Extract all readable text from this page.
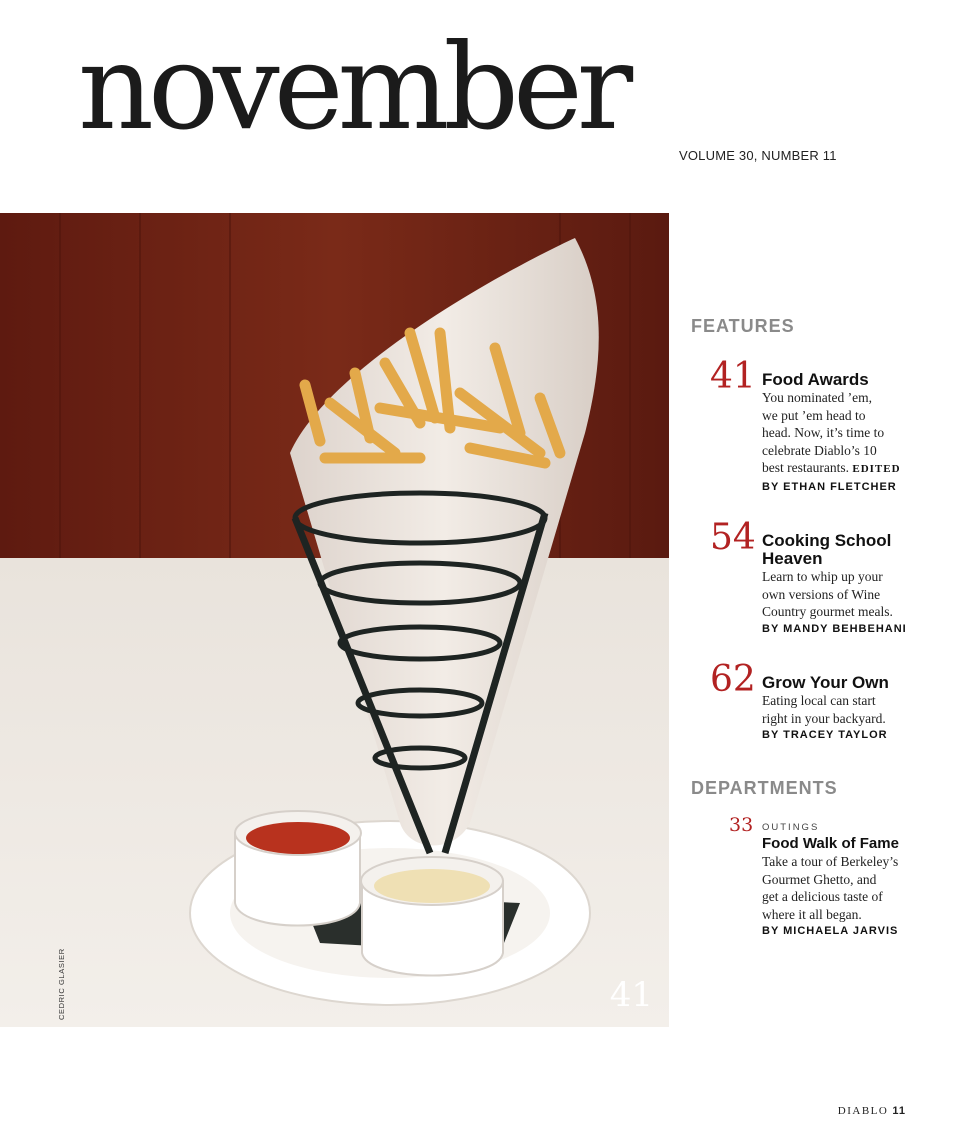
november	VOLUME 30, NUMBER 11
41
CEDRIC GLASIER
FEATURES
41 Food Awards
You nominated ’em,
we put ’em head to
head. Now, it’s time to
celebrate Diablo’s 10
best restaurants. EDITED
BY ETHAN FLETCHER
54 Cooking School
Heaven
Learn to whip up your
own versions of Wine
Country gourmet meals.
BY MANDY BEHBEHANI
62 Grow Your Own
Eating local can start
right in your backyard.
BY TRACEY TAYLOR
DEPARTMENTS
33 OUTINGS
Food Walk of Fame
Take a tour of Berkeley’s
Gourmet Ghetto, and
get a delicious taste of
where it all began.
BY MICHAELA JARVIS
DIABLO 11
